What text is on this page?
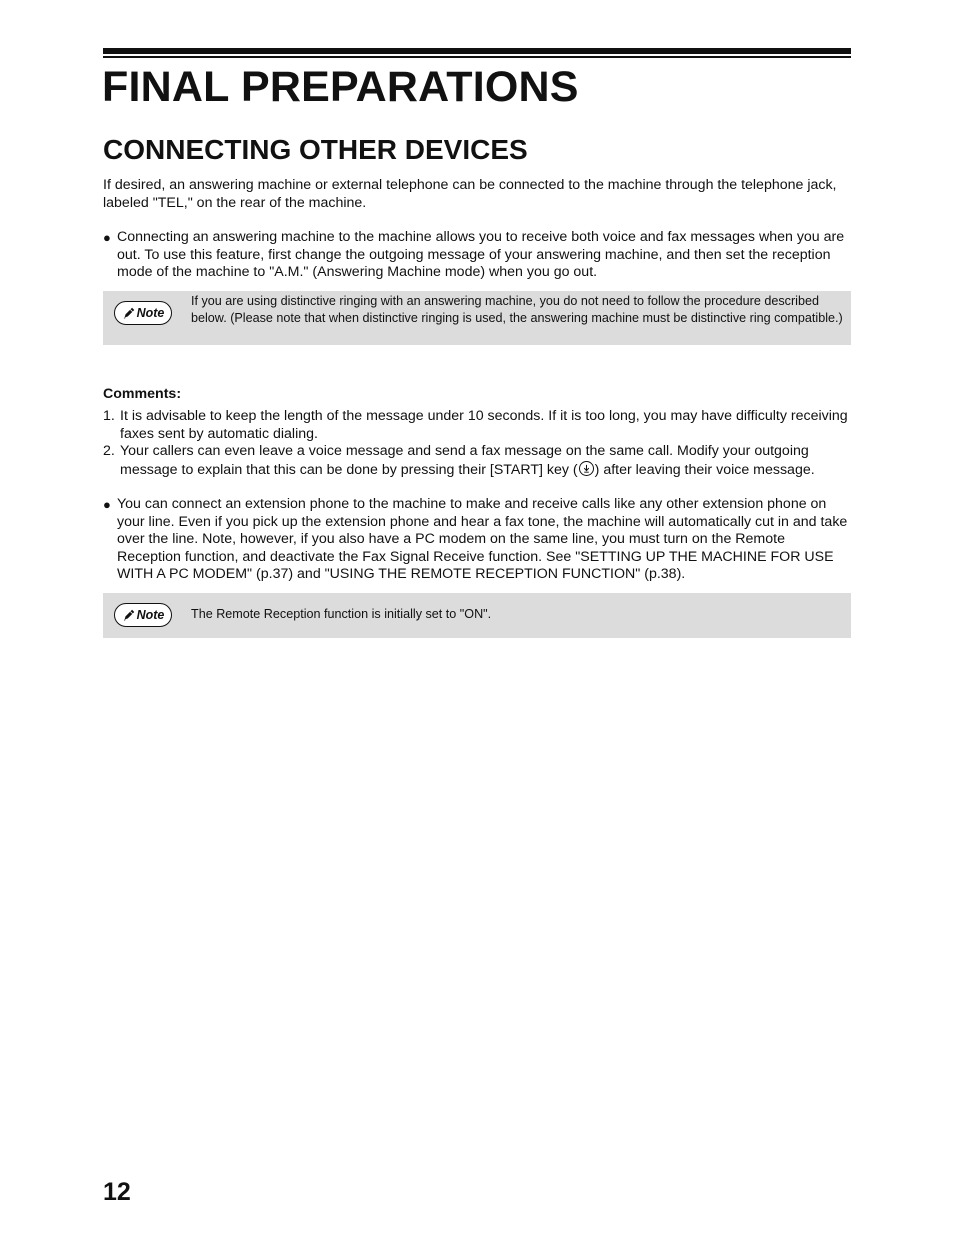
FINAL PREPARATIONS
CONNECTING OTHER DEVICES

If desired, an answering machine or external telephone can be connected to the machine through the telephone jack, labeled "TEL," on the rear of the machine.

● Connecting an answering machine to the machine allows you to receive both voice and fax messages when you are out. To use this feature, first change the outgoing message of your answering machine, and then set the reception mode of the machine to "A.M." (Answering Machine mode) when you go out.
Note

If you are using distinctive ringing with an answering machine, you do not need to follow the procedure described below. (Please note that when distinctive ringing is used, the answering machine must be distinctive ring compatible.)

Comments:

1. It is advisable to keep the length of the message under 10 seconds. If it is too long, you may have difficulty receiving faxes sent by automatic dialing.
2. Your callers can even leave a voice message and send a fax message on the same call. Modify your outgoing message to explain that this can be done by pressing their [START] key ( ) after leaving their voice message.
● You can connect an extension phone to the machine to make and receive calls like any other extension phone on your line. Even if you pick up the extension phone and hear a fax tone, the machine will automatically cut in and take over the line. Note, however, if you also have a PC modem on the same line, you must turn on the Remote Reception function, and deactivate the Fax Signal Receive function. See "SETTING UP THE MACHINE FOR USE WITH A PC MODEM" (p.37) and "USING THE REMOTE RECEPTION FUNCTION" (p.38).
Note The Remote Reception function is initially set to "ON".

12
